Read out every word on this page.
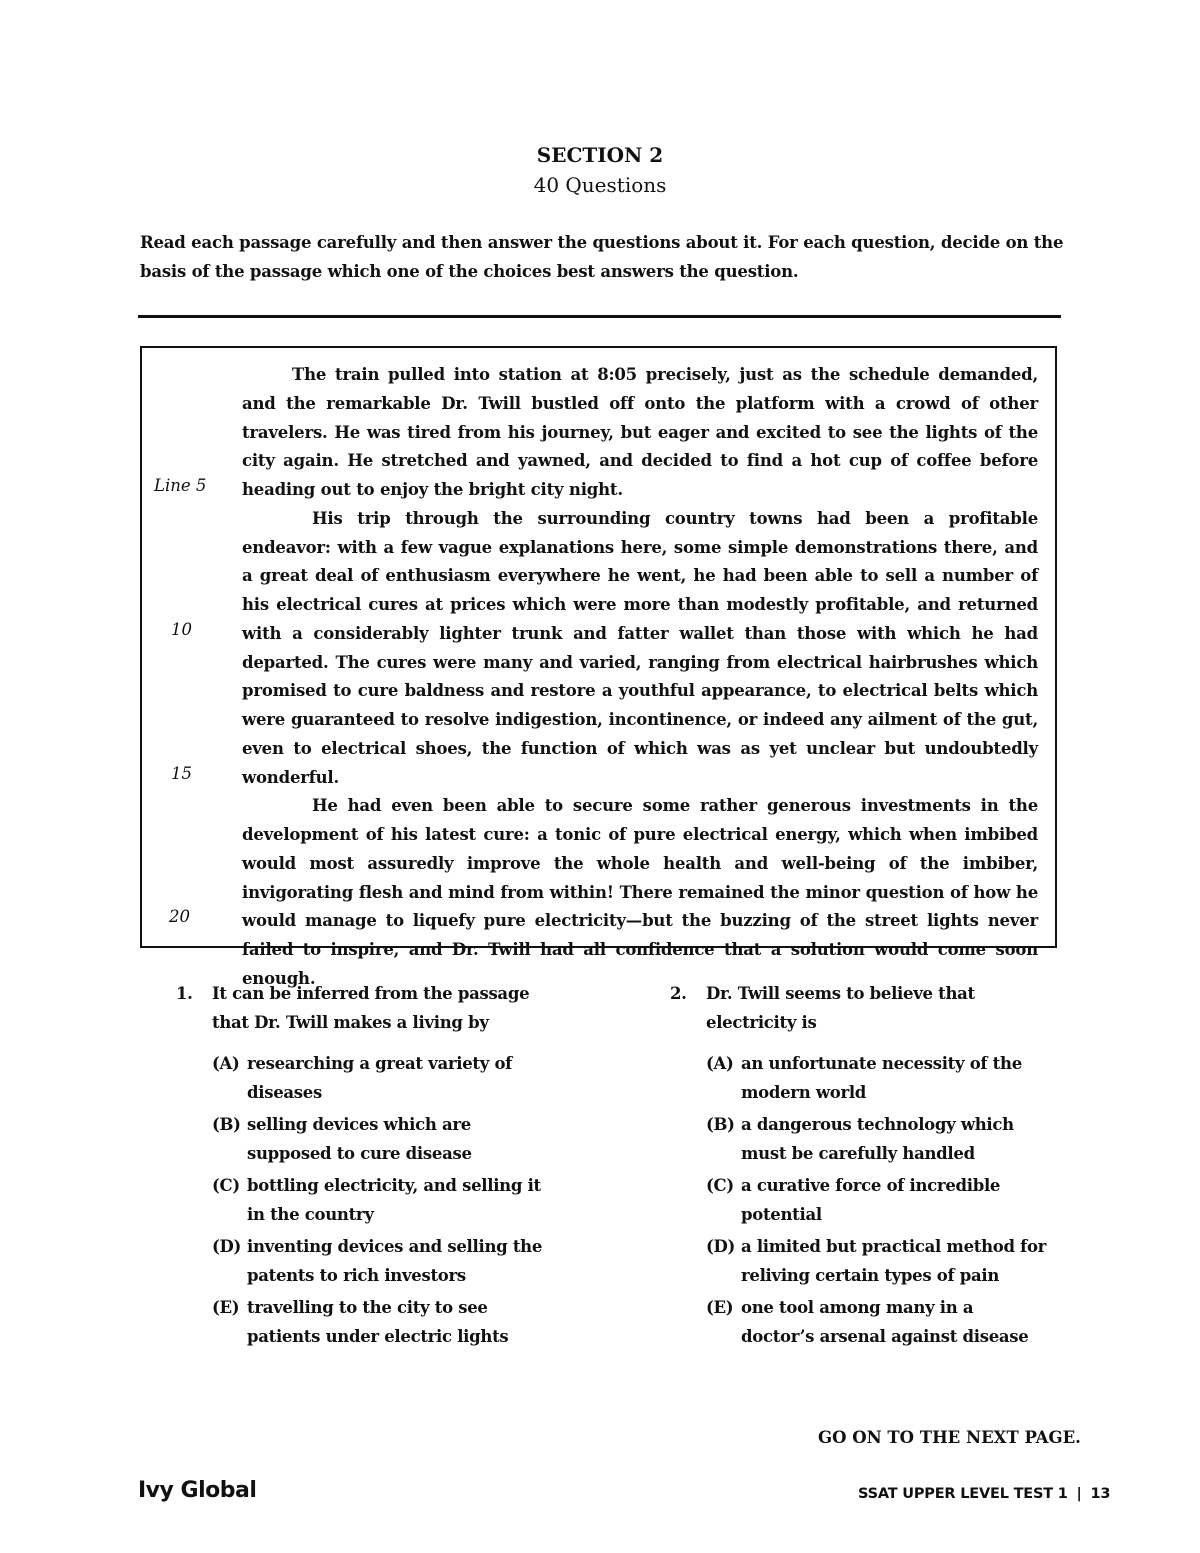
SECTION 2
40 Questions
Read each passage carefully and then answer the questions about it. For each question, decide on the basis of the passage which one of the choices best answers the question.
Line 5
10
15
20

The train pulled into station at 8:05 precisely, just as the schedule demanded, and the remarkable Dr. Twill bustled off onto the platform with a crowd of other travelers. He was tired from his journey, but eager and excited to see the lights of the city again. He stretched and yawned, and decided to find a hot cup of coffee before heading out to enjoy the bright city night.

His trip through the surrounding country towns had been a profitable endeavor: with a few vague explanations here, some simple demonstrations there, and a great deal of enthusiasm everywhere he went, he had been able to sell a number of his electrical cures at prices which were more than modestly profitable, and returned with a considerably lighter trunk and fatter wallet than those with which he had departed. The cures were many and varied, ranging from electrical hairbrushes which promised to cure baldness and restore a youthful appearance, to electrical belts which were guaranteed to resolve indigestion, incontinence, or indeed any ailment of the gut, even to electrical shoes, the function of which was as yet unclear but undoubtedly wonderful.

He had even been able to secure some rather generous investments in the development of his latest cure: a tonic of pure electrical energy, which when imbibed would most assuredly improve the whole health and well-being of the imbiber, invigorating flesh and mind from within! There remained the minor question of how he would manage to liquefy pure electricity—but the buzzing of the street lights never failed to inspire, and Dr. Twill had all confidence that a solution would come soon enough.

1. It can be inferred from the passage that Dr. Twill makes a living by
(A) researching a great variety of diseases
(B) selling devices which are supposed to cure disease
(C) bottling electricity, and selling it in the country
(D) inventing devices and selling the patents to rich investors
(E) travelling to the city to see patients under electric lights
2. Dr. Twill seems to believe that electricity is
(A) an unfortunate necessity of the modern world
(B) a dangerous technology which must be carefully handled
(C) a curative force of incredible potential
(D) a limited but practical method for reliving certain types of pain
(E) one tool among many in a doctor’s arsenal against disease
GO ON TO THE NEXT PAGE.
Ivy Global	SSAT UPPER LEVEL TEST 1 | 13
